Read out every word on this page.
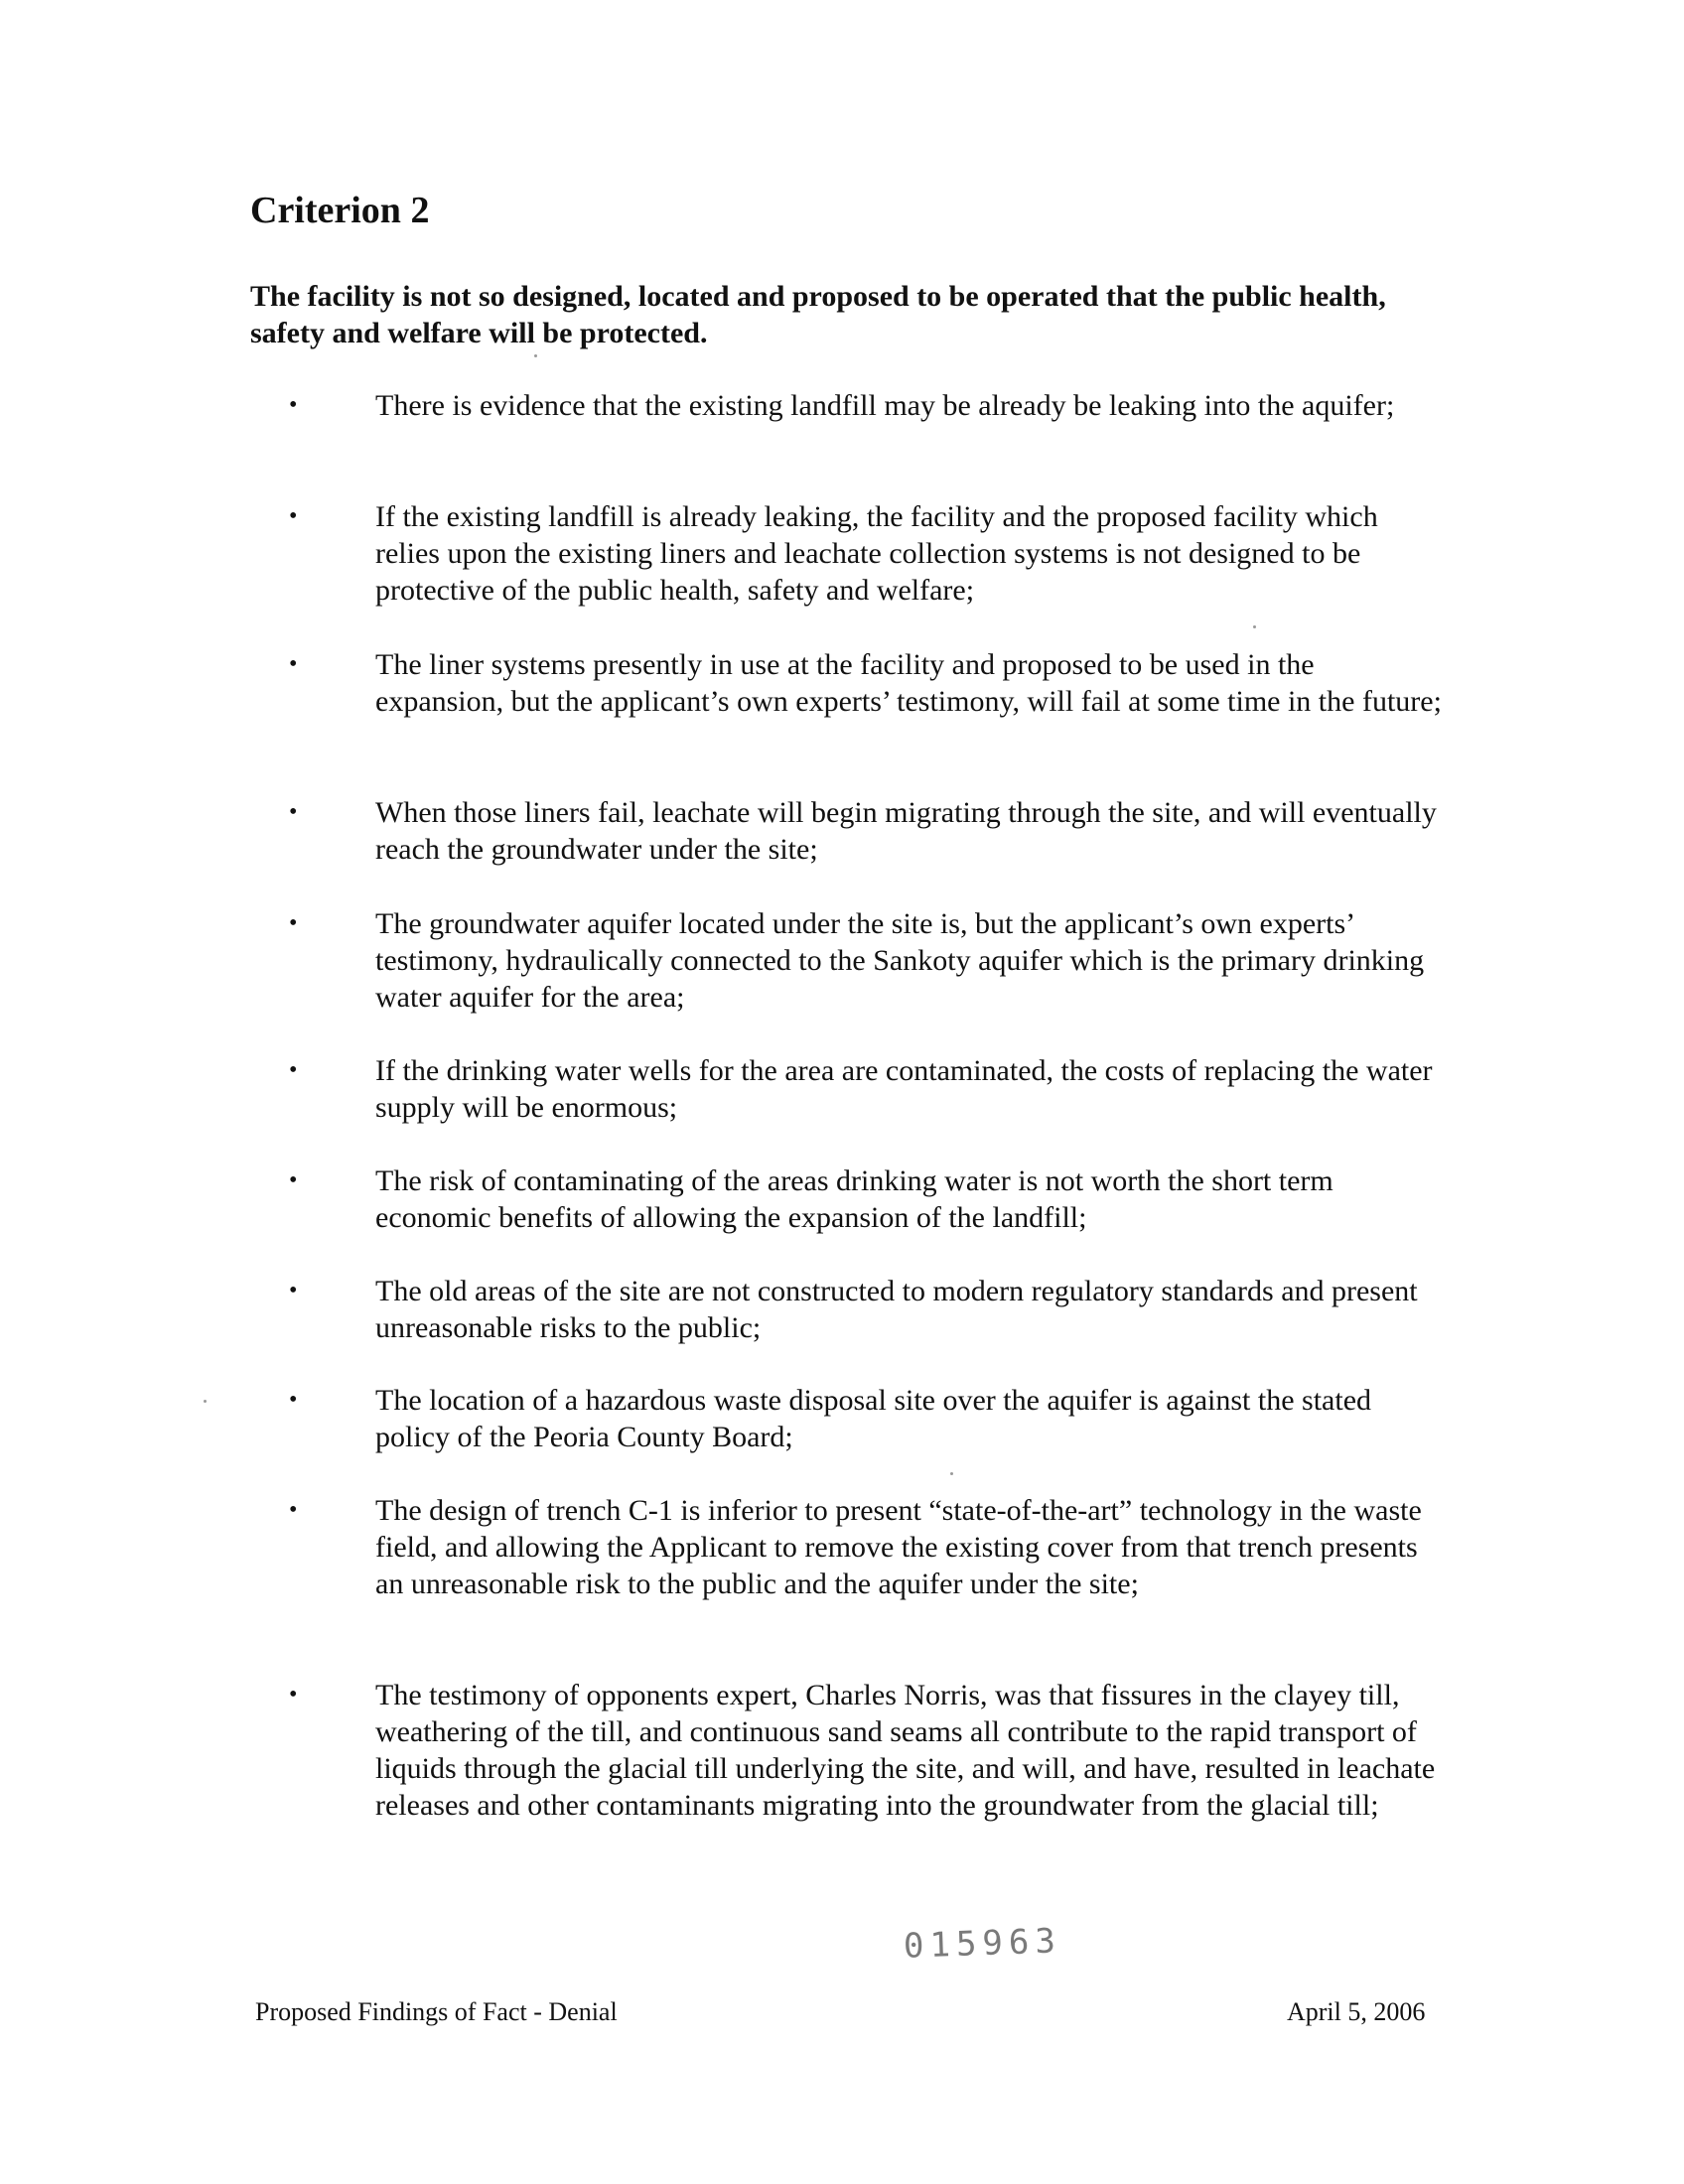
Criterion 2

The facility is not so designed, located and proposed to be operated that the public health, safety and welfare will be protected.

•	There is evidence that the existing landfill may be already be leaking into the aquifer;
•	If the existing landfill is already leaking, the facility and the proposed facility which relies upon the existing liners and leachate collection systems is not designed to be protective of the public health, safety and welfare;
•	The liner systems presently in use at the facility and proposed to be used in the expansion, but the applicant’s own experts’ testimony, will fail at some time in the future;
•	When those liners fail, leachate will begin migrating through the site, and will eventually reach the groundwater under the site;
•	The groundwater aquifer located under the site is, but the applicant’s own experts’ testimony, hydraulically connected to the Sankoty aquifer which is the primary drinking water aquifer for the area;
•	If the drinking water wells for the area are contaminated, the costs of replacing the water supply will be enormous;
•	The risk of contaminating of the areas drinking water is not worth the short term economic benefits of allowing the expansion of the landfill;
•	The old areas of the site are not constructed to modern regulatory standards and present unreasonable risks to the public;
•	The location of a hazardous waste disposal site over the aquifer is against the stated policy of the Peoria County Board;
•	The design of trench C-1 is inferior to present “state-of-the-art” technology in the waste field, and allowing the Applicant to remove the existing cover from that trench presents an unreasonable risk to the public and the aquifer under the site;
•	The testimony of opponents expert, Charles Norris, was that fissures in the clayey till, weathering of the till, and continuous sand seams all contribute to the rapid transport of liquids through the glacial till underlying the site, and will, and have, resulted in leachate releases and other contaminants migrating into the groundwater from the glacial till;
015963
Proposed Findings of Fact - Denial	April 5, 2006
